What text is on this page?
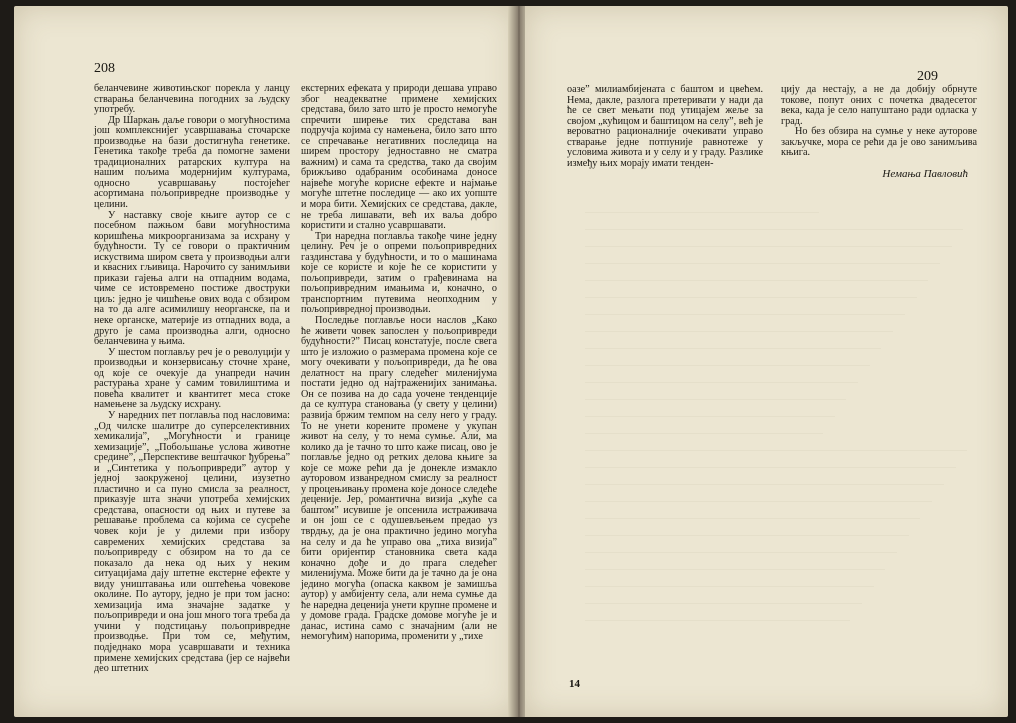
208

беланчевине животињског порекла у ланцу стварања беланчевина погодних за људску употребу.

Др Шаркањ даље говори о могућностима још комплекснијег усавршавања сточарске производње на бази достигнућа генетике. Генетика такође треба да помогне замени традиционалних ратарских култура на нашим пољима модернијим културама, односно усавршавању постојећег асортимана пољопривредне производње у целини.

У наставку своје књиге аутор се с посебном пажњом бави могућностима коришћења микроорганизама за исхрану у будућности. Ту се говори о практичним искуствима широм света у производњи алги и квасних гљивица. Нарочито су занимљиви прикази гајења алги на отпадним водама, чиме се истовремено постиже двоструки циљ: једно је чишћење ових вода с обзиром на то да алге асимилишу неорганске, па и неке органске, материје из отпадних вода, а друго је сама производња алги, односно беланчевина у њима.

У шестом поглављу реч је о револуцији у производњи и конзервисању сточне хране, од које се очекује да унапреди начин растурања хране у самим товилиштима и повећа квалитет и квантитет меса стоке намењене за људску исхрану.

У наредних пет поглавља под насловима: „Од чилске шалитре до суперселективних хемикалија”, „Могућности и границе хемизације”, „Побољшање услова животне средине”, „Перспективе вештачког ђубрења” и „Синтетика у пољопривреди” аутор у једној заокруженој целини, изузетно пластично и са пуно смисла за реалност, приказује шта значи употреба хемијских средстава, опасности од њих и путеве за решавање проблема са којима се сусреће човек који је у дилеми при избору савремених хемијских средстава за пољопривреду с обзиром на то да се показало да нека од њих у неким ситуацијама дају штетне екстерне ефекте у виду уништавања или оштећења човековe околине. По аутору, једно је при том јасно: хемизација има значајне задатке у пољопривреди и она још много тога треба да учини у подстицању пољопривредне производње. При том се, међутим, подједнако мора усавршавати и техника примене хемијских средстава (јер се највећи део штетних

екстерних ефеката у природи дешава управо због неадекватне примене хемијских средстава, било зато што је просто немогуће спречити ширење тих средстава ван подручја којима су намењена, било зато што се спречавање негативних последица на ширем простору једноставно не сматра важним) и сама та средства, тако да својим брижљиво одабраним особинама доносе највеће могуће корисне ефекте и најмање могуће штетне последице — ако их уопште и мора бити. Хемијских се средстава, дакле, не треба лишавати, већ их ваља добро користити и стално усавршавати.

Три наредна поглавља такође чине једну целину. Реч је о опреми пољопривредних газдинстава у будућности, и то о машинама које се користе и које ће се користити у пољопривреди, затим о грађевинама на пољопривредним имањима и, коначно, о транспортним путевима неопходним у пољопривредној производњи.

Последње поглавље носи наслов „Како ће живети човек запослен у пољопривреди будућности?” Писац констатује, после свега што је изложио о размерама промена које се могу очекивати у пољопривреди, да ће ова делатност на прагу следећег миленијума постати једно од најтраженијих занимања. Он се позива на до сада уочене тенденције да се култура становања (у свету у целини) развија бржим темпом на селу него у граду. То не унети корените промене у укупан живот на селу, у то нема сумње. Али, ма колико да је тачно то што каже писац, ово је поглавље једно од ретких делова књиге за које се може рећи да је донекле измакло ауторовом изванредном смислу за реалност у процењивању промена које доносе следеће деценије. Јер, романтична визија „куће са баштом” исувише је опсенила истраживача и он још се с одушевљењем предао уз тврдњу, да је она практично једино могућа на селу и да ће управо ова „тиха визија” бити оријентир становника света када коначно дође и до прага следећег миленијума. Може бити да је тачно да је она једино могућа (опаска каквом је замишља аутор) у амбијенту села, али нема сумње да ће наредна деценија унети крупне промене и у домове града. Градске домове могуће је и данас, истина само с значајним (али не немогућим) напорима, променити у „тихе

209

оазе” милиамбијената с баштом и цвећем. Нема, дакле, разлога претеривати у нади да ће се свет мењати под утицајем жеље за својом „кућицом и баштицом на селу”, већ је вероватно рационалније очекивати управо стварање једне потпуније равнотеже у условима живота и у селу и у граду. Разлике између њих морају имати тенден-

цију да нестају, а не да добију обрнуте токове, попут оних с почетка двадесетог века, када је село напуштано ради одласка у град.

Но без обзира на сумње у неке ауторове закључке, мора се рећи да је ово занимљива књига.

Немања Павловић
14
